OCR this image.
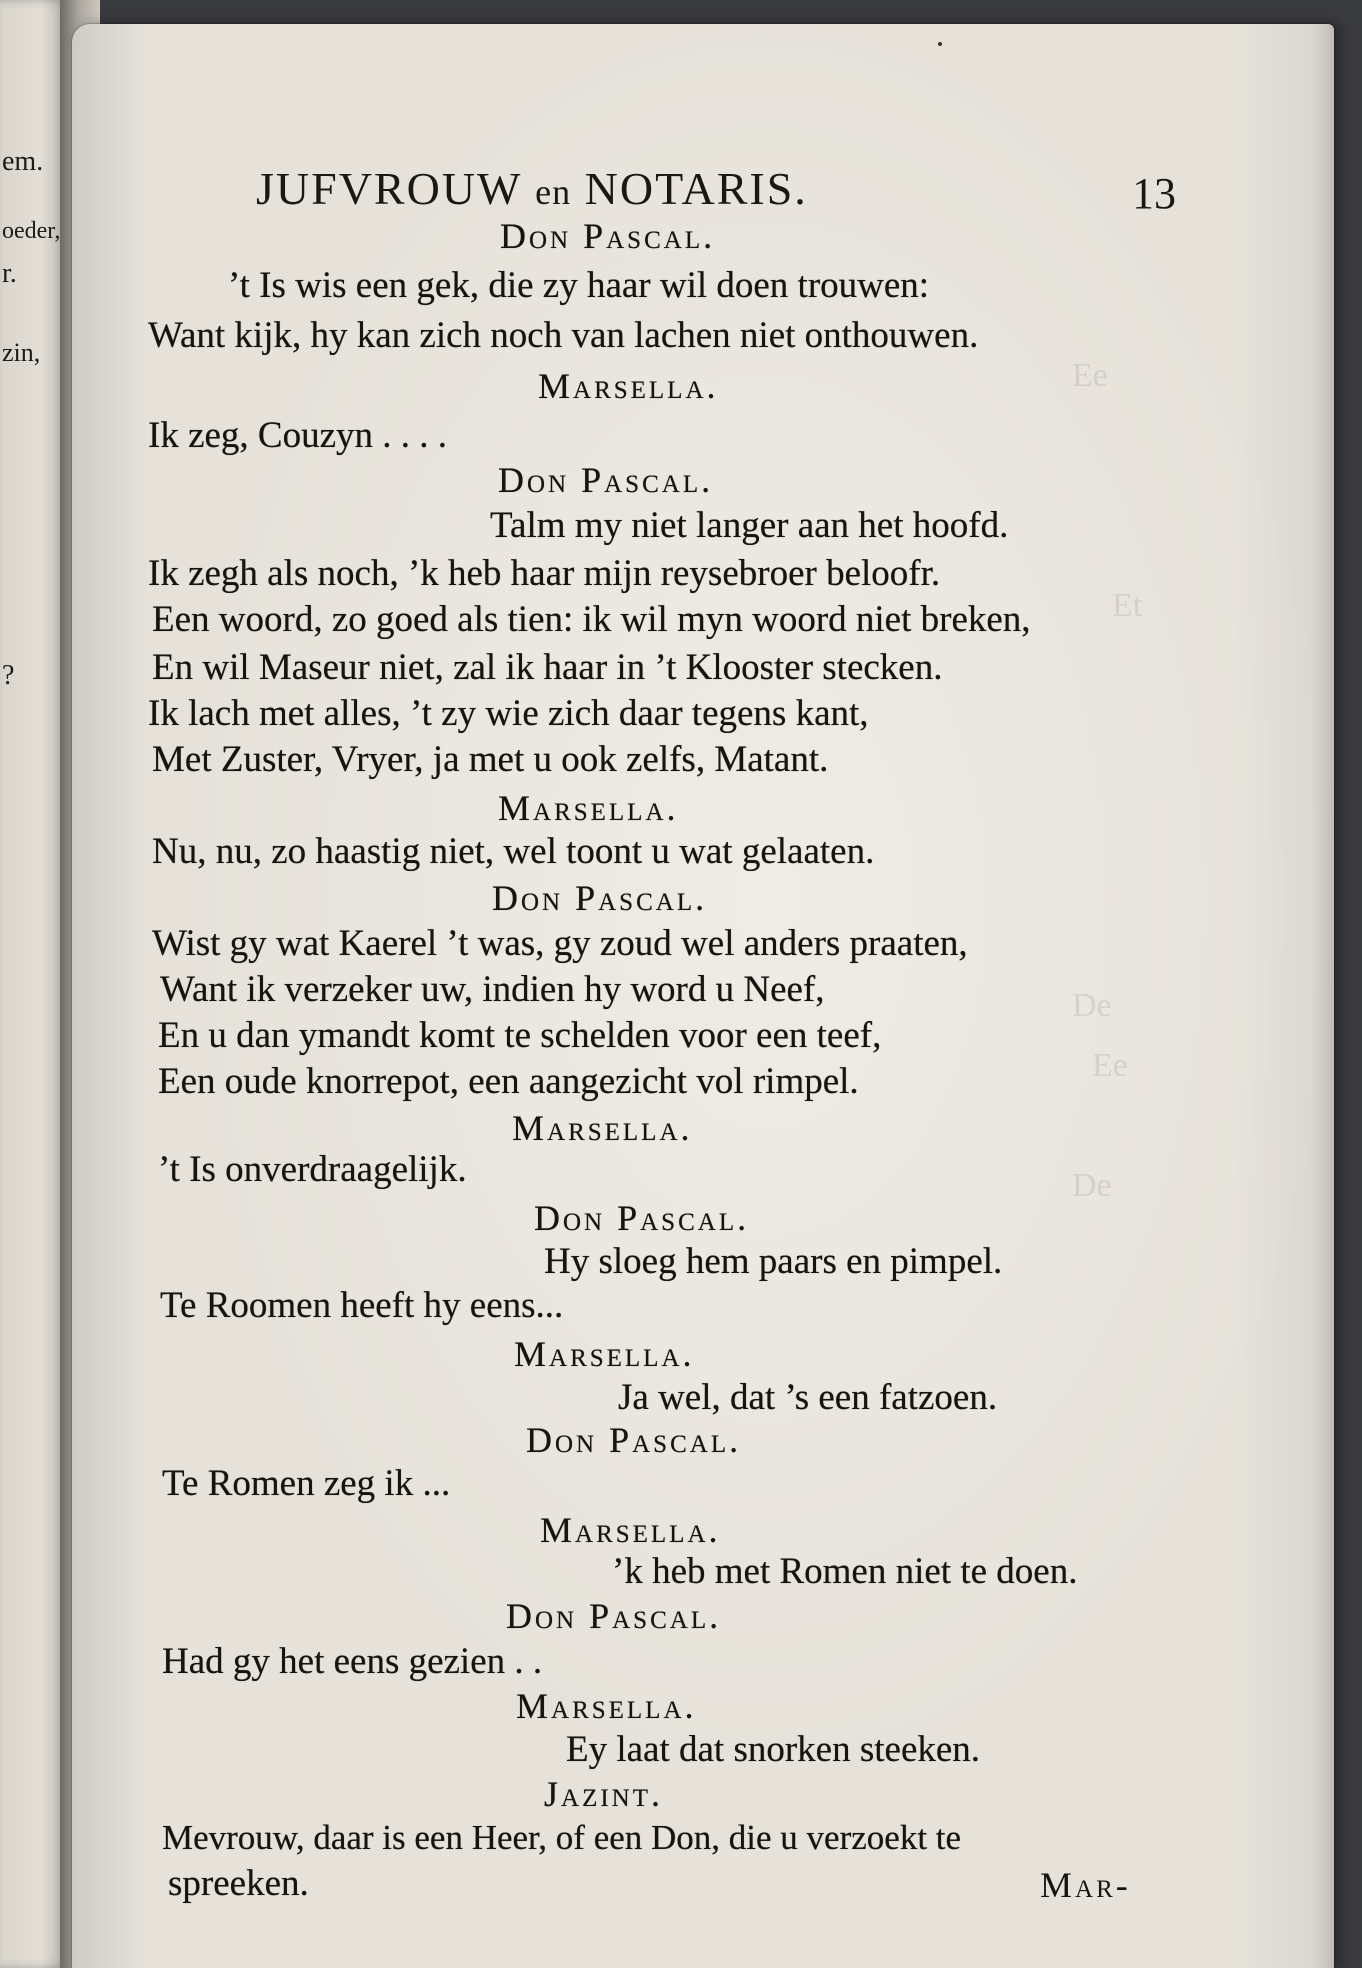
em.
oeder,
r.
zin,
?
Ee
Et
De
Ee
De
JUFVROUW en NOTARIS.	13
Don Pascal.
’t Is wis een gek, die zy haar wil doen trouwen:
Want kijk, hy kan zich noch van lachen niet onthouwen.
Marsella.
Ik zeg, Couzyn . . . .
Don Pascal.
Talm my niet langer aan het hoofd.
Ik zegh als noch, ’k heb haar mijn reysebroer beloofr.
Een woord, zo goed als tien: ik wil myn woord niet breken,
En wil Maseur niet, zal ik haar in ’t Klooster stecken.
Ik lach met alles, ’t zy wie zich daar tegens kant,
Met Zuster, Vryer, ja met u ook zelfs, Matant.
Marsella.
Nu, nu, zo haastig niet, wel toont u wat gelaaten.
Don Pascal.
Wist gy wat Kaerel ’t was, gy zoud wel anders praaten,
Want ik verzeker uw, indien hy word u Neef,
En u dan ymandt komt te schelden voor een teef,
Een oude knorrepot, een aangezicht vol rimpel.
Marsella.
’t Is onverdraagelijk.
Don Pascal.
Hy sloeg hem paars en pimpel.
Te Roomen heeft hy eens...
Marsella.
Ja wel, dat ’s een fatzoen.
Don Pascal.
Te Romen zeg ik ...
Marsella.
’k heb met Romen niet te doen.
Don Pascal.
Had gy het eens gezien . .
Marsella.
Ey laat dat snorken steeken.
Jazint.
Mevrouw, daar is een Heer, of een Don, die u verzoekt te
spreeken.	Mar-
